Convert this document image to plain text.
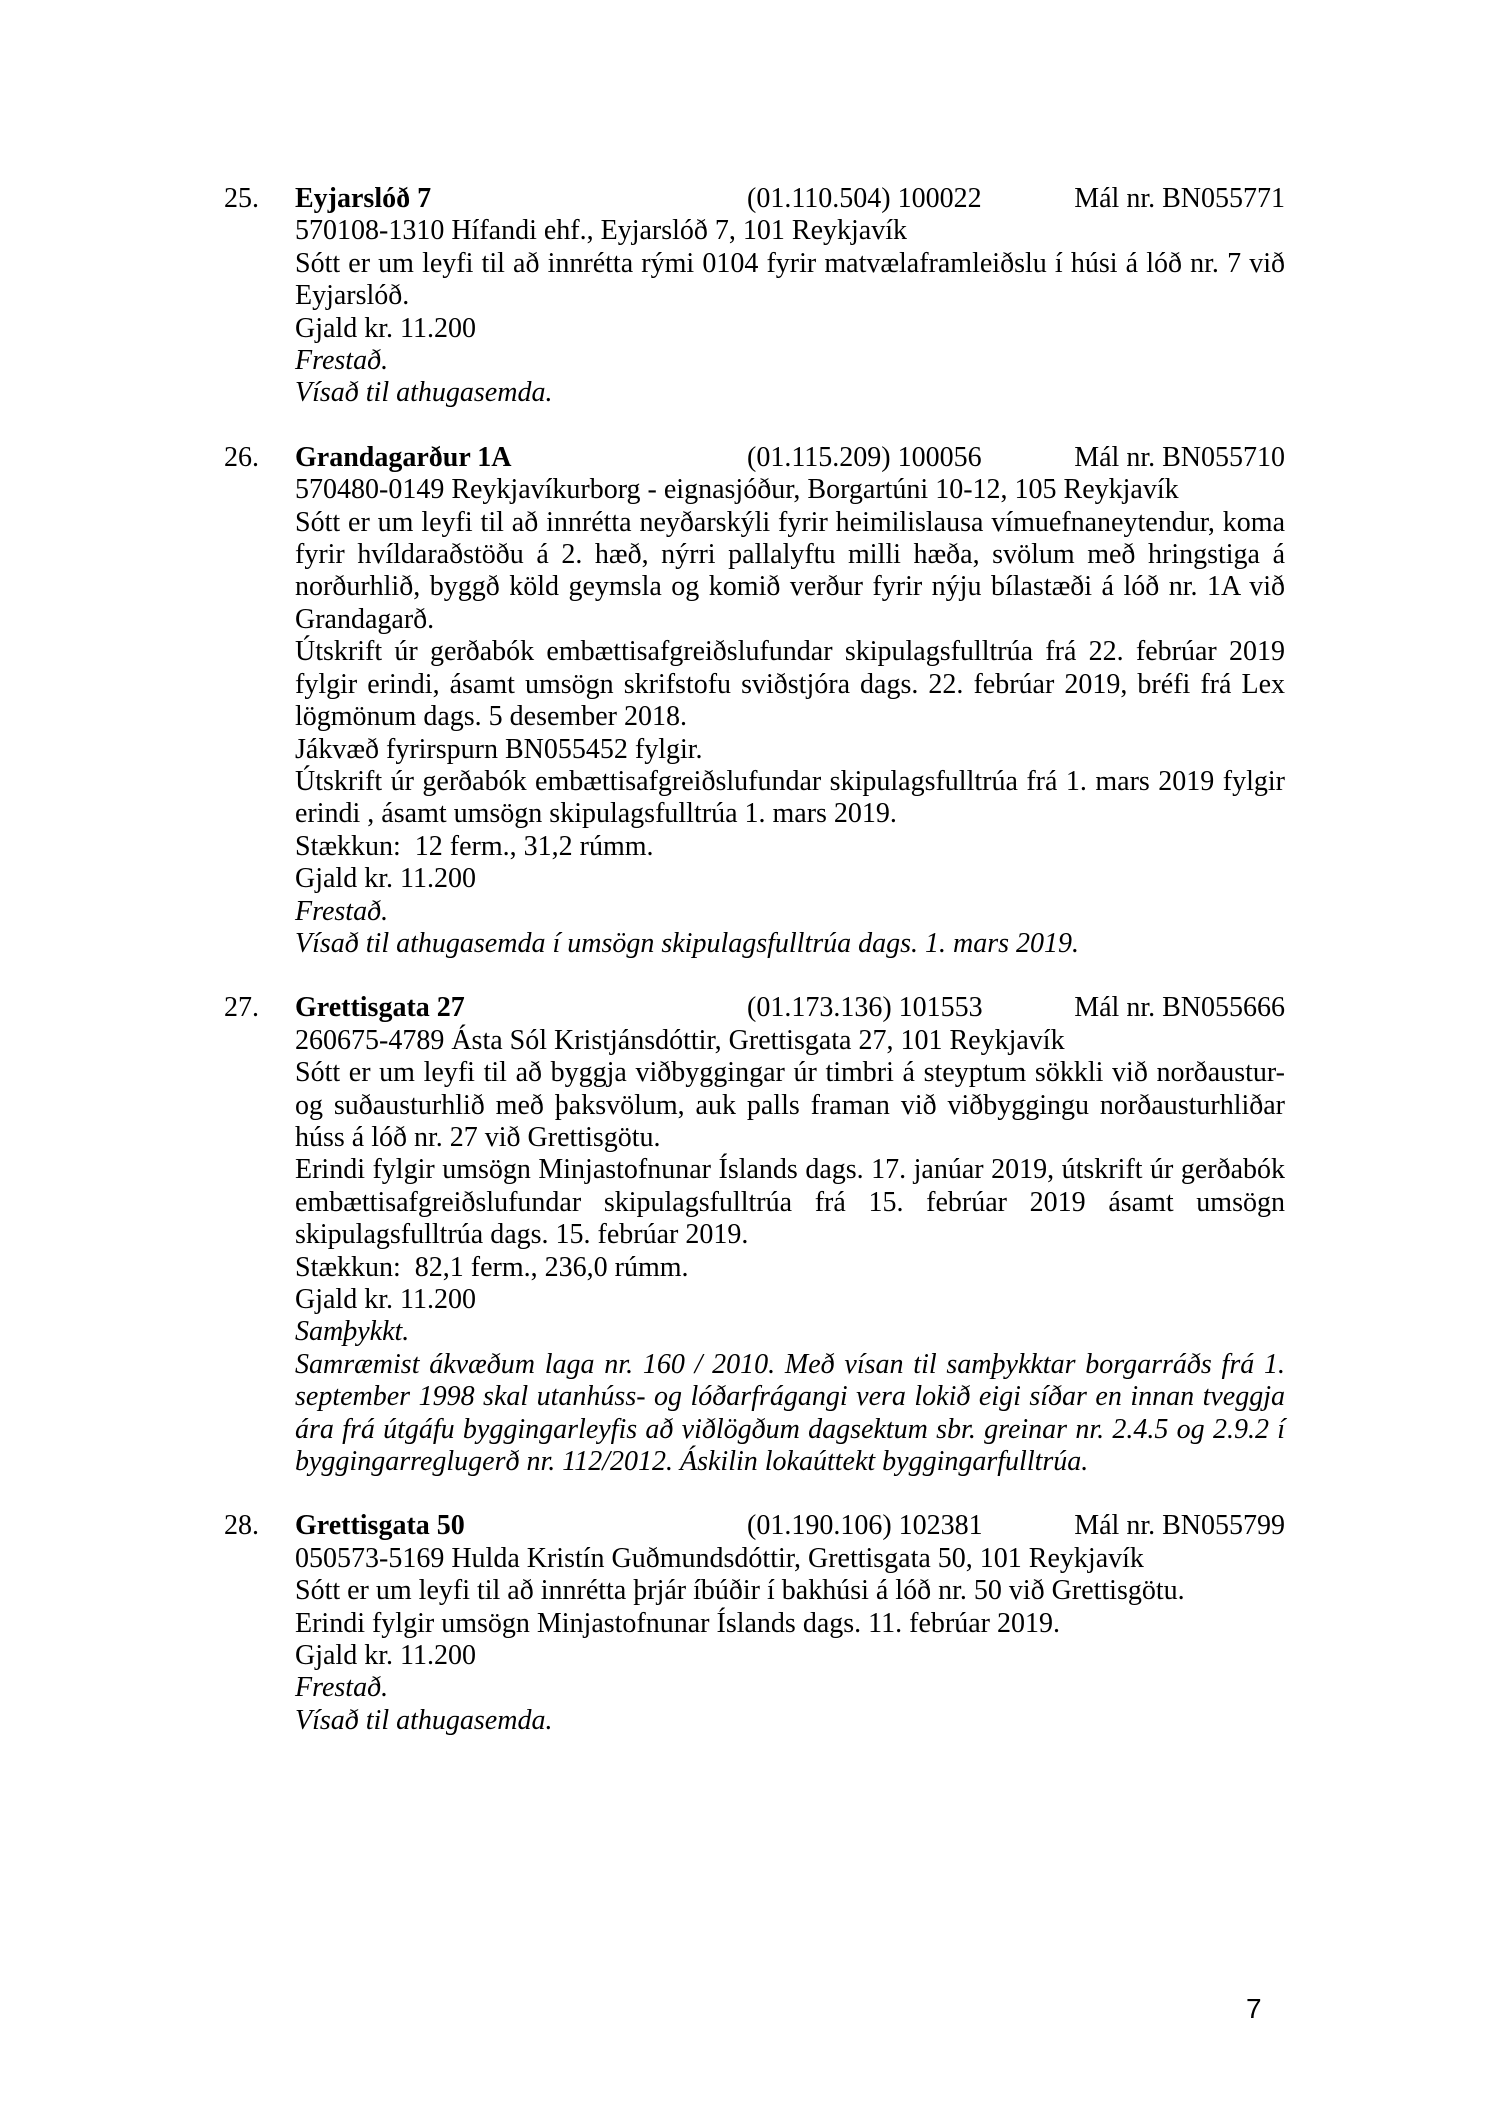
25.	Eyjarslóð 7	(01.110.504) 100022	Mál nr. BN055771

570108-1310 Hífandi ehf., Eyjarslóð 7, 101 Reykjavík

Sótt er um leyfi til að innrétta rými 0104 fyrir matvælaframleiðslu í húsi á lóð nr. 7 við Eyjarslóð.

Gjald kr. 11.200

Frestað.

Vísað til athugasemda.

26.	Grandagarður 1A	(01.115.209) 100056	Mál nr. BN055710

570480-0149 Reykjavíkurborg - eignasjóður, Borgartúni 10-12, 105 Reykjavík

Sótt er um leyfi til að innrétta neyðarskýli fyrir heimilislausa vímuefnaneytendur, koma fyrir hvíldaraðstöðu á 2. hæð, nýrri pallalyftu milli hæða, svölum með hringstiga á norðurhlið, byggð köld geymsla og komið verður fyrir nýju bílastæði á lóð nr. 1A við Grandagarð.

Útskrift úr gerðabók embættisafgreiðslufundar skipulagsfulltrúa frá 22. febrúar 2019 fylgir erindi, ásamt umsögn skrifstofu sviðstjóra dags. 22. febrúar 2019, bréfi frá Lex lögmönum dags. 5 desember 2018.

Jákvæð fyrirspurn BN055452 fylgir.

Útskrift úr gerðabók embættisafgreiðslufundar skipulagsfulltrúa frá 1. mars 2019 fylgir erindi , ásamt umsögn skipulagsfulltrúa 1. mars 2019.

Stækkun:  12 ferm., 31,2 rúmm.

Gjald kr. 11.200

Frestað.

Vísað til athugasemda í umsögn skipulagsfulltrúa dags. 1. mars 2019.

27.	Grettisgata 27	(01.173.136) 101553	Mál nr. BN055666

260675-4789 Ásta Sól Kristjánsdóttir, Grettisgata 27, 101 Reykjavík

Sótt er um leyfi til að byggja viðbyggingar úr timbri á steyptum sökkli við norðaustur- og suðausturhlið með þaksvölum, auk palls framan við viðbyggingu norðausturhliðar húss á lóð nr. 27 við Grettisgötu.

Erindi fylgir umsögn Minjastofnunar Íslands dags. 17. janúar 2019, útskrift úr gerðabók embættisafgreiðslufundar skipulagsfulltrúa frá 15. febrúar 2019 ásamt umsögn skipulagsfulltrúa dags. 15. febrúar 2019.

Stækkun:  82,1 ferm., 236,0 rúmm.

Gjald kr. 11.200

Samþykkt.

Samræmist ákvæðum laga nr. 160 / 2010. Með vísan til samþykktar borgarráðs frá 1. september 1998 skal utanhúss- og lóðarfrágangi vera lokið eigi síðar en innan tveggja ára frá útgáfu byggingarleyfis að viðlögðum dagsektum sbr. greinar nr. 2.4.5 og 2.9.2 í byggingarreglugerð nr. 112/2012. Áskilin lokaúttekt byggingarfulltrúa.

28.	Grettisgata 50	(01.190.106) 102381	Mál nr. BN055799

050573-5169 Hulda Kristín Guðmundsdóttir, Grettisgata 50, 101 Reykjavík

Sótt er um leyfi til að innrétta þrjár íbúðir í bakhúsi á lóð nr. 50 við Grettisgötu.

Erindi fylgir umsögn Minjastofnunar Íslands dags. 11. febrúar 2019.

Gjald kr. 11.200

Frestað.

Vísað til athugasemda.

7
